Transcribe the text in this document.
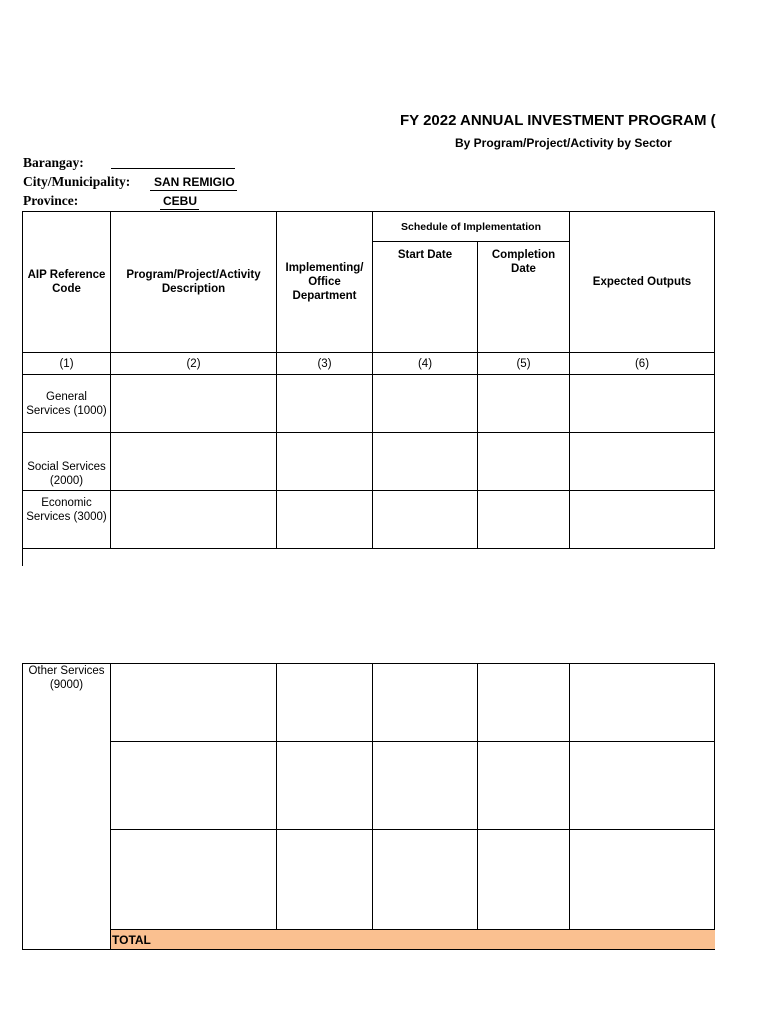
FY 2022 ANNUAL INVESTMENT PROGRAM (
By Program/Project/Activity by Sector
Barangay:
City/Municipality:	SAN REMIGIO
Province:	CEBU
AIP Reference Code	Program/Project/Activity Description	Implementing/ Office Department	Schedule of Implementation		Expected Outputs
			Start Date	Completion Date	
(1)	(2)	(3)	(4)	(5)	(6)
General Services (1000)					
Social Services (2000)					
Economic Services (3000)					
Other Services (9000)					

	TOTAL				
